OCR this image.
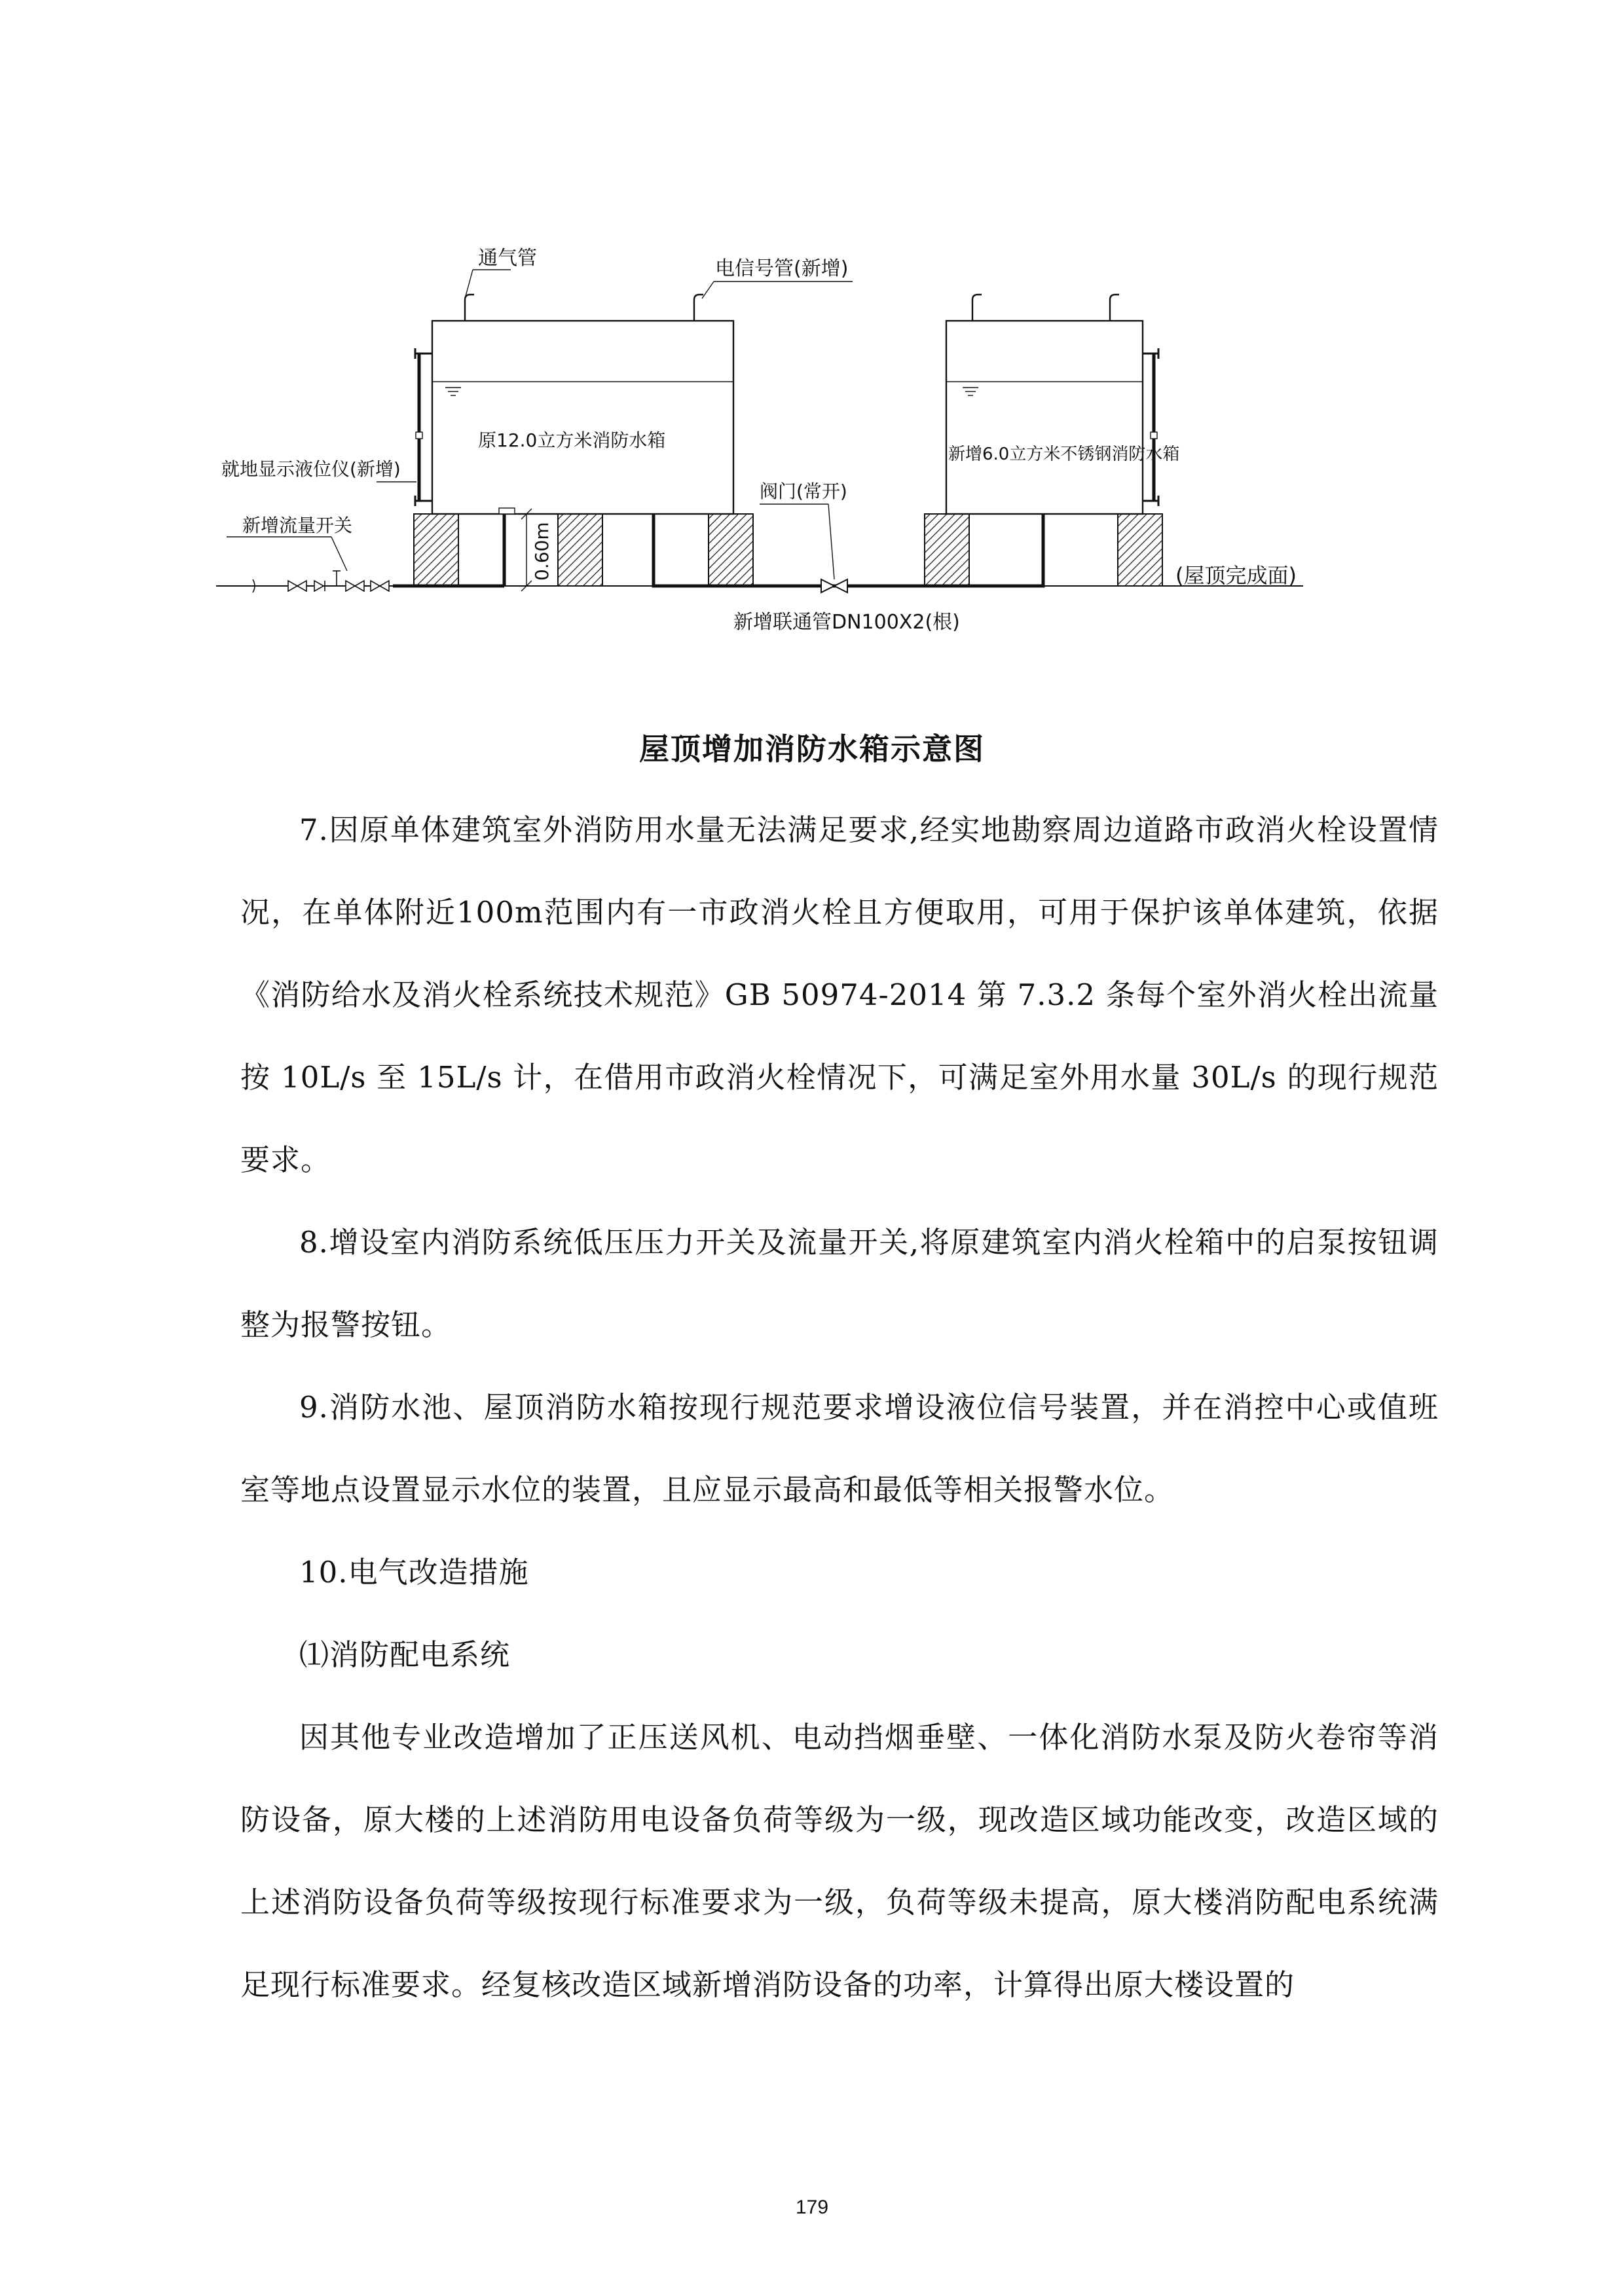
通气管	电信号管(新增)
原12.0立方米消防水箱
新增6.0立方米不锈钢消防水箱
就地显示液位仪(新增)
新增流量开关
阀门(常开)
0.60m	(屋顶完成面)
新增联通管DN100X2(根)
屋顶增加消防水箱示意图

7.因原单体建筑室外消防用水量无法满足要求,经实地勘察周边道路市政消火栓设置情况，在单体附近100m范围内有一市政消火栓且方便取用，可用于保护该单体建筑，依据《消防给水及消火栓系统技术规范》GB 50974-2014 第 7.3.2 条每个室外消火栓出流量按 10L/s 至 15L/s 计，在借用市政消火栓情况下，可满足室外用水量 30L/s 的现行规范要求。

8.增设室内消防系统低压压力开关及流量开关,将原建筑室内消火栓箱中的启泵按钮调整为报警按钮。

9.消防水池、屋顶消防水箱按现行规范要求增设液位信号装置，并在消控中心或值班室等地点设置显示水位的装置，且应显示最高和最低等相关报警水位。

10.电气改造措施

⑴消防配电系统

因其他专业改造增加了正压送风机、电动挡烟垂壁、一体化消防水泵及防火卷帘等消防设备，原大楼的上述消防用电设备负荷等级为一级，现改造区域功能改变，改造区域的上述消防设备负荷等级按现行标准要求为一级，负荷等级未提高，原大楼消防配电系统满足现行标准要求。经复核改造区域新增消防设备的功率，计算得出原大楼设置的

179
